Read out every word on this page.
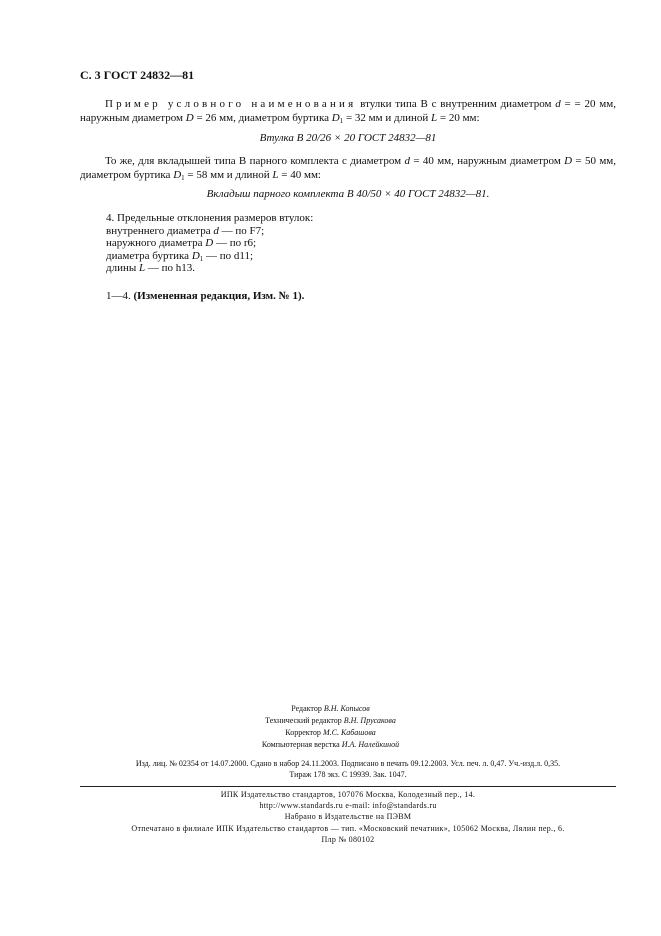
С. 3 ГОСТ 24832—81
Пример условного наименования втулки типа В с внутренним диаметром d = = 20 мм, наружным диаметром D = 26 мм, диаметром буртика $D_1 = 32$ мм и длиной L = 20 мм:
Втулка В 20/26 × 20 ГОСТ 24832—81
То же, для вкладышей типа В парного комплекта с диаметром d = 40 мм, наружным диаметром D = 50 мм, диаметром буртика $D_1 = 58$ мм и длиной L = 40 мм:
Вкладыш парного комплекта В 40/50 × 40 ГОСТ 24832—81.
4. Предельные отклонения размеров втулок:
внутреннего диаметра d — по F7;
наружного диаметра D — по r6;
диаметра буртика $D_1$ — по d11;
длины L — по h13.
1—4. (Измененная редакция, Изм. № 1).
Редактор В.Н. Копысов
Технический редактор В.Н. Прусакова
Корректор М.С. Кабашова
Компьютерная верстка И.А. Налейкиной
Изд. лиц. № 02354 от 14.07.2000. Сдано в набор 24.11.2003. Подписано в печать 09.12.2003. Усл. печ. л. 0,47. Уч.-изд.л. 0,35.
Тираж 178 экз. С 19939. Зак. 1047.
ИПК Издательство стандартов, 107076 Москва, Колодезный пер., 14.
http://www.standards.ru e-mail: info@standards.ru
Набрано в Издательстве на ПЭВМ
Отпечатано в филиале ИПК Издательство стандартов — тип. «Московский печатник», 105062 Москва, Лялин пер., 6.
Плр № 080102
